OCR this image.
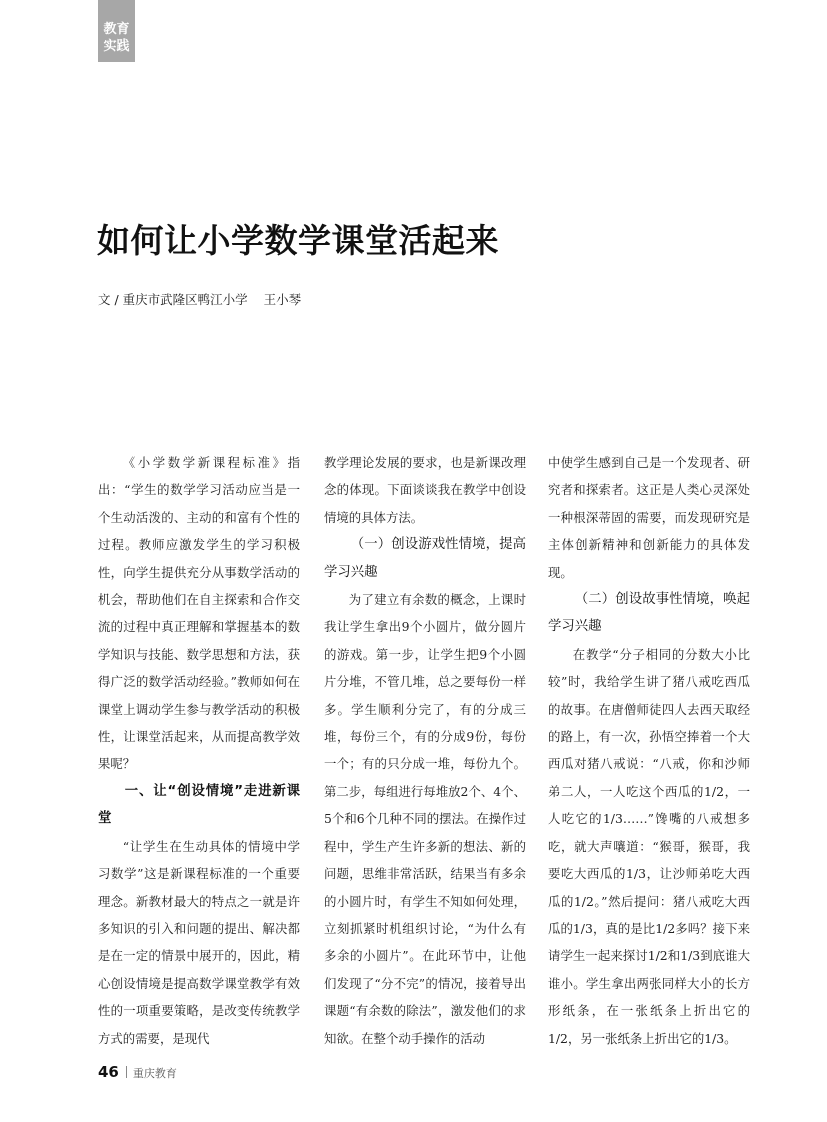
教育
实践
如何让小学数学课堂活起来
文 / 重庆市武隆区鸭江小学 王小琴

《小学数学新课程标准》指出：“学生的数学学习活动应当是一个生动活泼的、主动的和富有个性的过程。教师应激发学生的学习积极性，向学生提供充分从事数学活动的机会，帮助他们在自主探索和合作交流的过程中真正理解和掌握基本的数学知识与技能、数学思想和方法，获得广泛的数学活动经验。”教师如何在课堂上调动学生参与教学活动的积极性，让课堂活起来，从而提高教学效果呢？

一、让“创设情境”走进新课堂

“让学生在生动具体的情境中学习数学”这是新课程标准的一个重要理念。新教材最大的特点之一就是许多知识的引入和问题的提出、解决都是在一定的情景中展开的，因此，精心创设情境是提高数学课堂教学有效性的一项重要策略，是改变传统教学方式的需要，是现代

教学理论发展的要求，也是新课改理念的体现。下面谈谈我在教学中创设情境的具体方法。

（一）创设游戏性情境，提高学习兴趣

为了建立有余数的概念，上课时我让学生拿出9个小圆片，做分圆片的游戏。第一步，让学生把9个小圆片分堆，不管几堆，总之要每份一样多。学生顺利分完了，有的分成三堆，每份三个，有的分成9份，每份一个；有的只分成一堆，每份九个。第二步，每组进行每堆放2个、4个、5个和6个几种不同的摆法。在操作过程中，学生产生许多新的想法、新的问题，思维非常活跃，结果当有多余的小圆片时，有学生不知如何处理，立刻抓紧时机组织讨论，“为什么有多余的小圆片”。在此环节中，让他们发现了“分不完”的情况，接着导出课题“有余数的除法”，激发他们的求知欲。在整个动手操作的活动

中使学生感到自己是一个发现者、研究者和探索者。这正是人类心灵深处一种根深蒂固的需要，而发现研究是主体创新精神和创新能力的具体发现。

（二）创设故事性情境，唤起学习兴趣

在教学“分子相同的分数大小比较”时，我给学生讲了猪八戒吃西瓜的故事。在唐僧师徒四人去西天取经的路上，有一次，孙悟空捧着一个大西瓜对猪八戒说：“八戒，你和沙师弟二人，一人吃这个西瓜的1/2，一人吃它的1/3……”馋嘴的八戒想多吃，就大声嚷道：“猴哥，猴哥，我要吃大西瓜的1/3，让沙师弟吃大西瓜的1/2。”然后提问：猪八戒吃大西瓜的1/3，真的是比1/2多吗？接下来请学生一起来探讨1/2和1/3到底谁大谁小。学生拿出两张同样大小的长方形纸条，在一张纸条上折出它的1/2，另一张纸条上折出它的1/3。

46 重庆教育
